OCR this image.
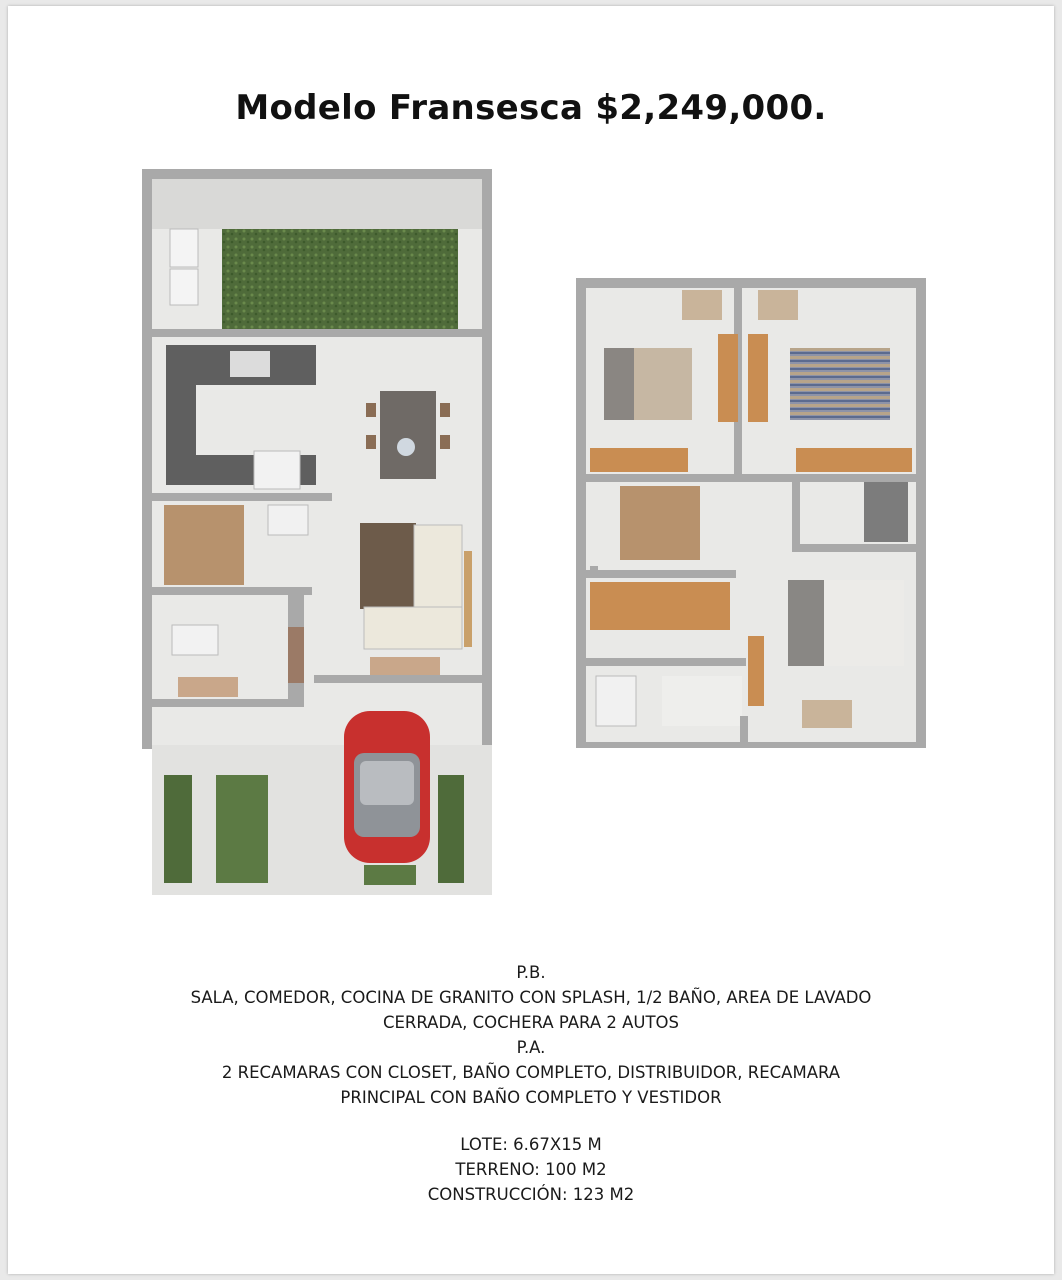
Modelo Fransesca $2,249,000.

P.B.

SALA, COMEDOR, COCINA DE GRANITO CON SPLASH, 1/2 BAÑO, AREA DE LAVADO

CERRADA, COCHERA PARA 2 AUTOS

P.A.

2 RECAMARAS CON CLOSET, BAÑO COMPLETO, DISTRIBUIDOR, RECAMARA

PRINCIPAL CON BAÑO COMPLETO Y VESTIDOR

LOTE: 6.67X15 M

TERRENO: 100 M2

CONSTRUCCIÓN: 123 M2
